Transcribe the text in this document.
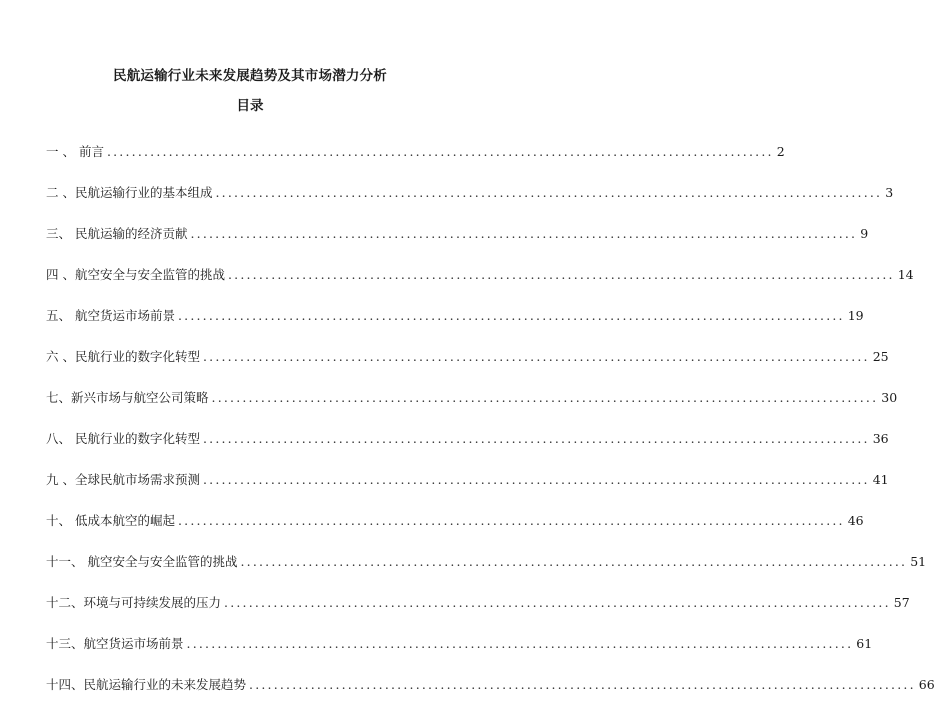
民航运输行业未来发展趋势及其市场潜力分析
目录
一 、 前言 ............................................................................................................ 2
二 、民航运输行业的基本组成 ............................................................................................................ 3
三、 民航运输的经济贡献 ............................................................................................................ 9
四 、航空安全与安全监管的挑战 ............................................................................................................ 14
五、 航空货运市场前景 ............................................................................................................ 19
六 、民航行业的数字化转型 ............................................................................................................ 25
七、新兴市场与航空公司策略 ............................................................................................................ 30
八、 民航行业的数字化转型 ............................................................................................................ 36
九 、全球民航市场需求预测 ............................................................................................................ 41
十、 低成本航空的崛起 ............................................................................................................ 46
十一、 航空安全与安全监管的挑战 ............................................................................................................ 51
十二、环境与可持续发展的压力 ............................................................................................................ 57
十三、航空货运市场前景 ............................................................................................................ 61
十四、民航运输行业的未来发展趋势 ............................................................................................................ 66
